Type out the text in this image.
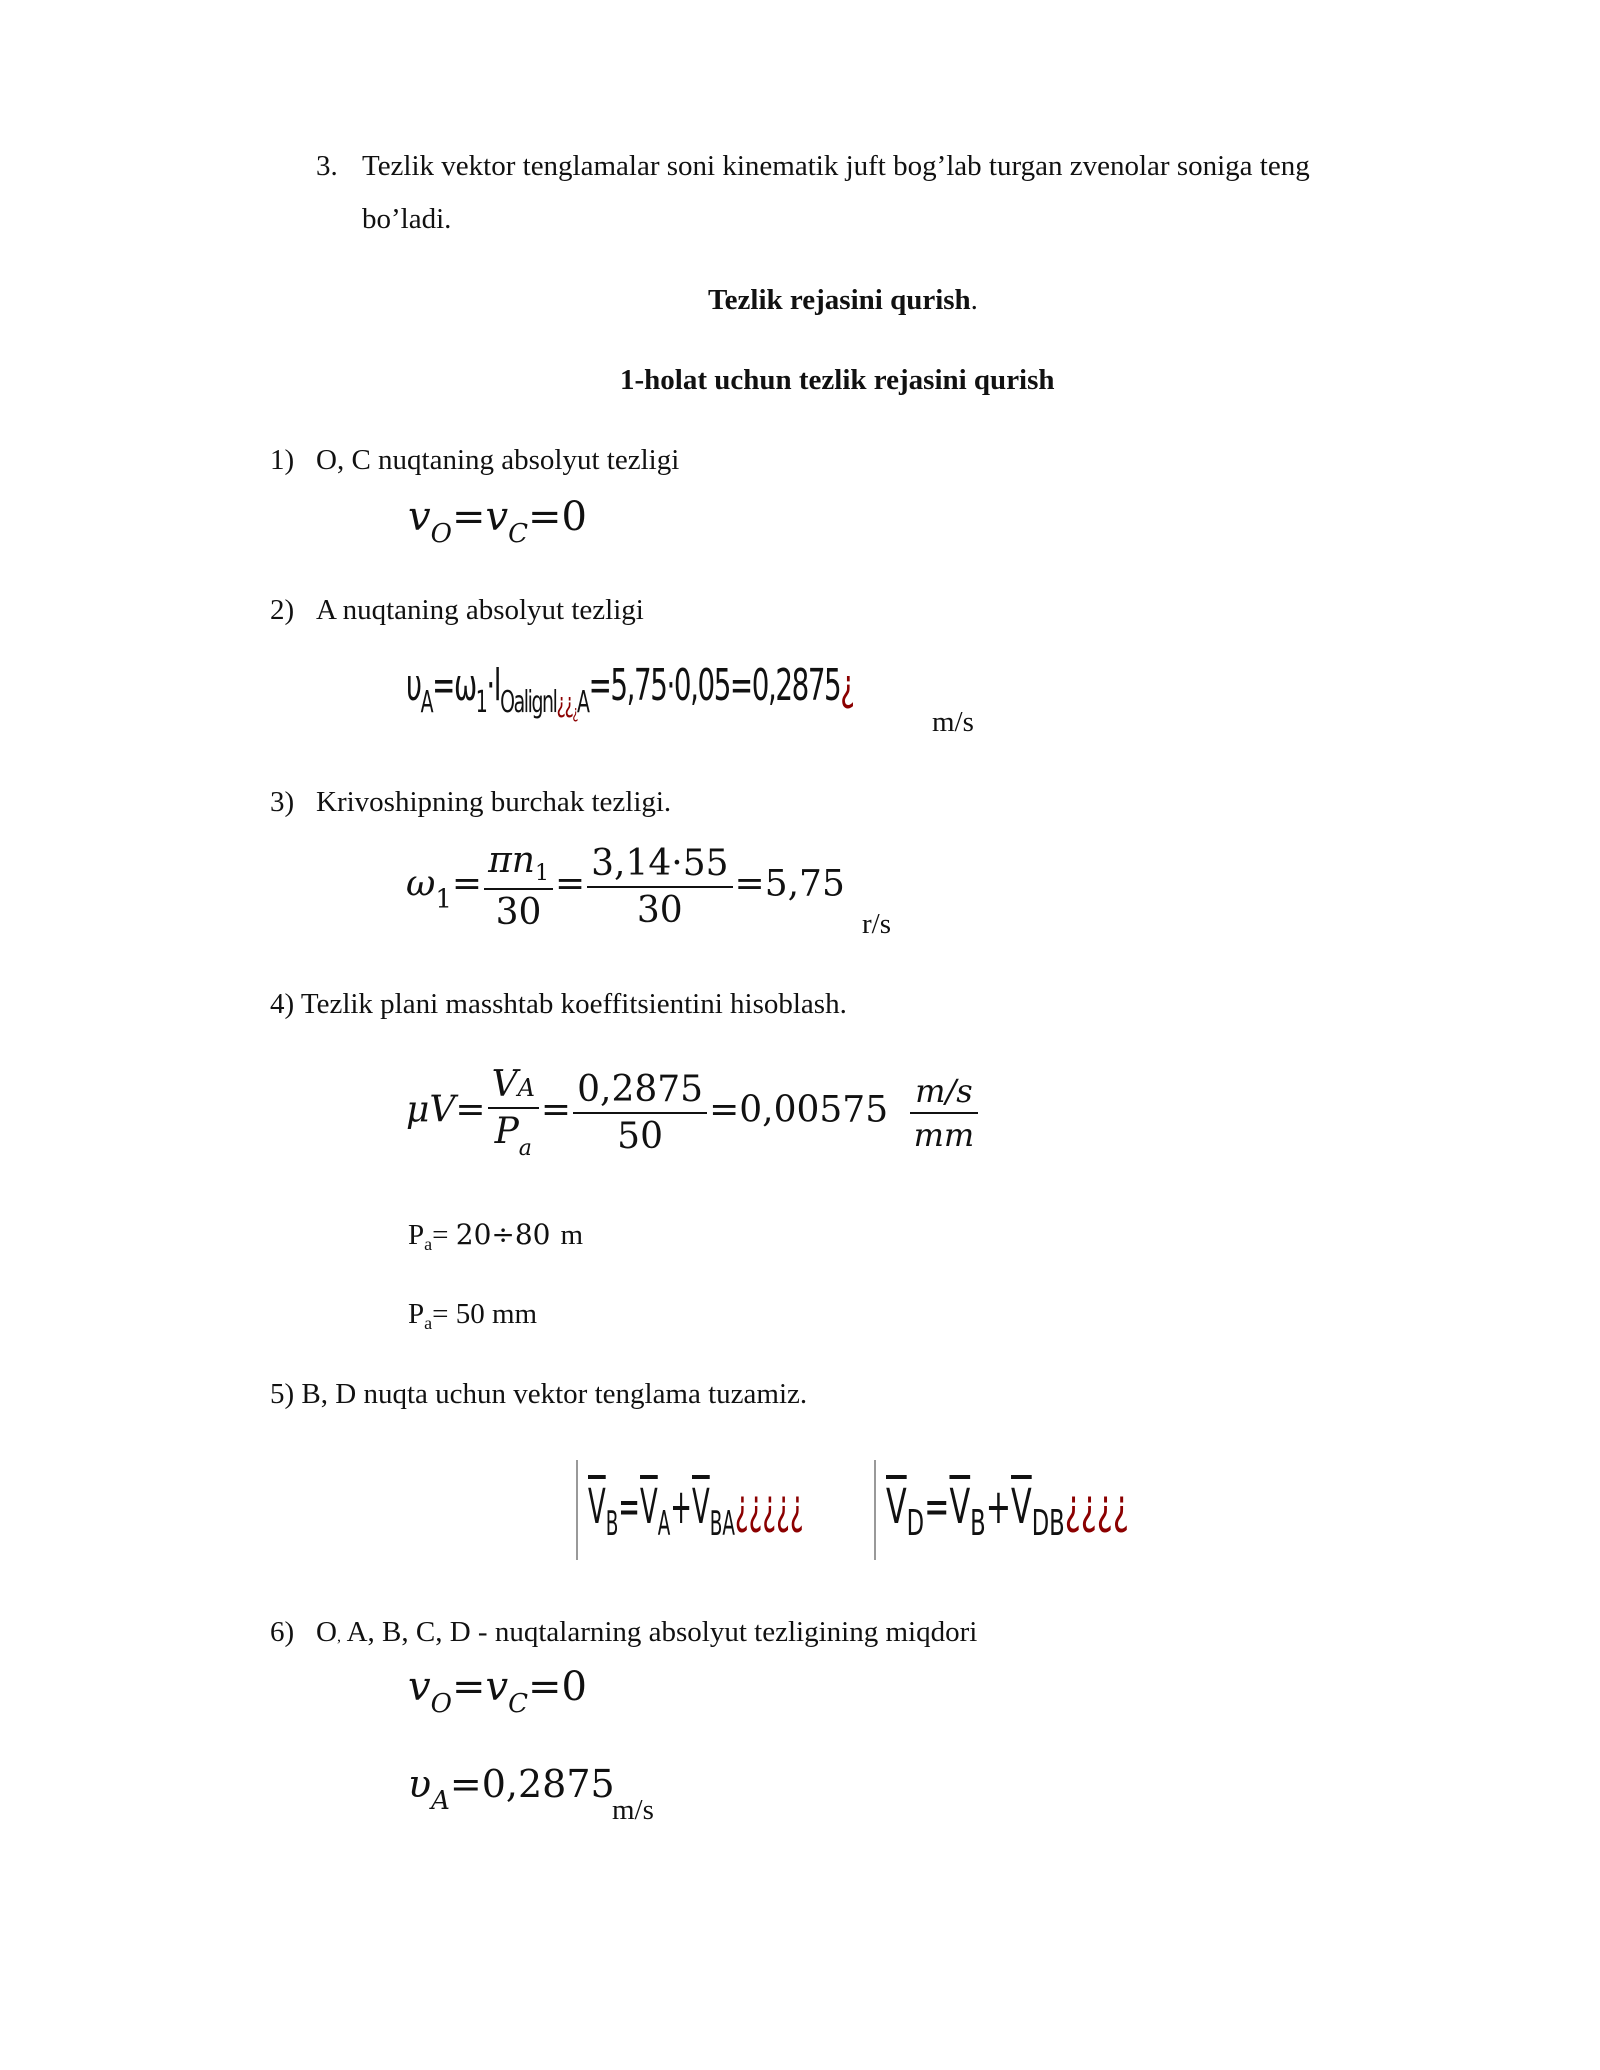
3. Tezlik vektor tenglamalar soni kinematik juft bog’lab turgan zvenolar soniga teng
bo’ladi.
Tezlik rejasini qurish.
1-holat uchun tezlik rejasini qurish
1) O, C nuqtaning absolyut tezligi
$v_O=v_C=0$
2) A nuqtaning absolyut tezligi
$\upsilon_A=\omega_1\cdot l_{Oalignl¿¿¿A}=5,75\cdot 0,05=0,2875¿$
m/s
3) Krivoshipning burchak tezligi.
$\omega_1= \frac{\pi n_1}{30} = \frac{3,14\cdot 55}{30} =5,75$
r/s
4) Tezlik plani masshtab koeffitsientini hisoblash.
$\mu V= \frac{VA}{P_a} = \frac{0,2875}{50} =0,00575 \frac{m/s}{mm}$
$P_a= 20\div 80$ m
$P_a= 50$ mm
5) B, D nuqta uchun vektor tenglama tuzamiz.
$\overline{V}_B=\overline{V}_A+\overline{V}_{BA}¿¿¿¿¿$	$\overline{V}_D=\overline{V}_B+\overline{V}_{DB}¿¿¿¿$
6) O, A, B, C, D - nuqtalarning absolyut tezligining miqdori
$v_O=v_C=0$
$\upsilon_A=0,2875$
m/s
